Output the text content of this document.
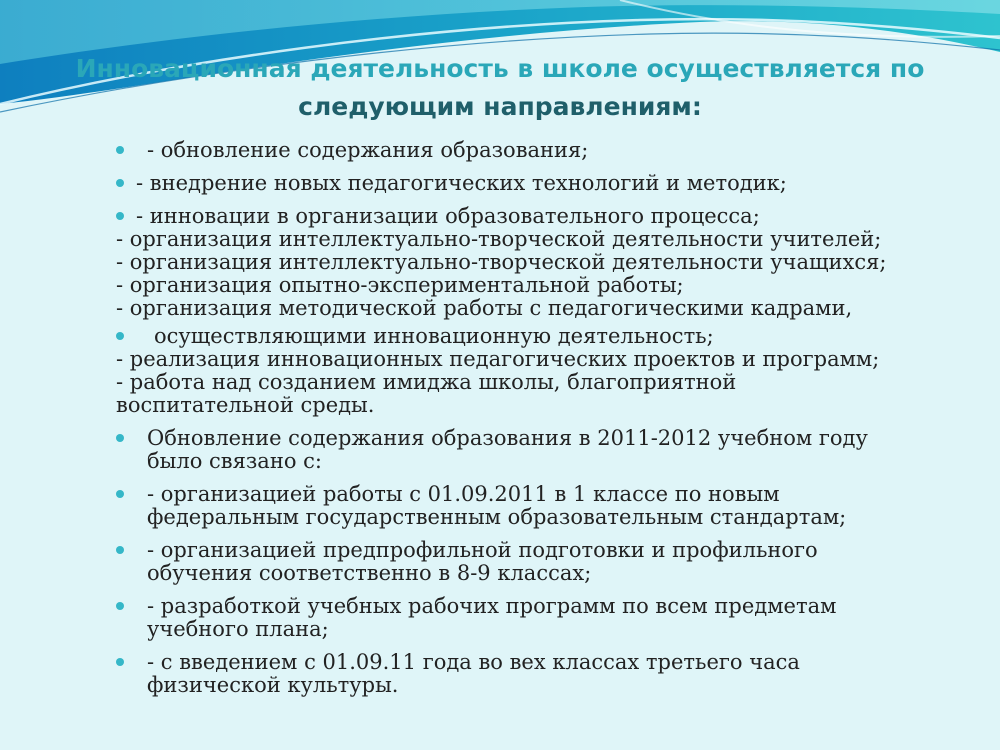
Инновационная деятельность в школе осуществляется по
следующим направлениям:
- обновление содержания образования;
- внедрение новых педагогических технологий и методик;
- инновации в организации образовательного процесса;
- организация интеллектуально-творческой деятельности учителей;
- организация интеллектуально-творческой деятельности учащихся;
- организация опытно-экспериментальной работы;
- организация методической работы с педагогическими кадрами,
осуществляющими инновационную деятельность;
- реализация инновационных педагогических проектов и программ;
- работа над созданием имиджа школы, благоприятной
воспитательной среды.
Обновление содержания образования в 2011-2012 учебном году было связано с:
- организацией работы с 01.09.2011 в 1 классе по новым федеральным государственным образовательным стандартам;
- организацией предпрофильной подготовки и профильного обучения соответственно в 8-9 классах;
- разработкой учебных рабочих программ по всем предметам учебного плана;
- с введением с 01.09.11 года во вех классах третьего часа физической культуры.
